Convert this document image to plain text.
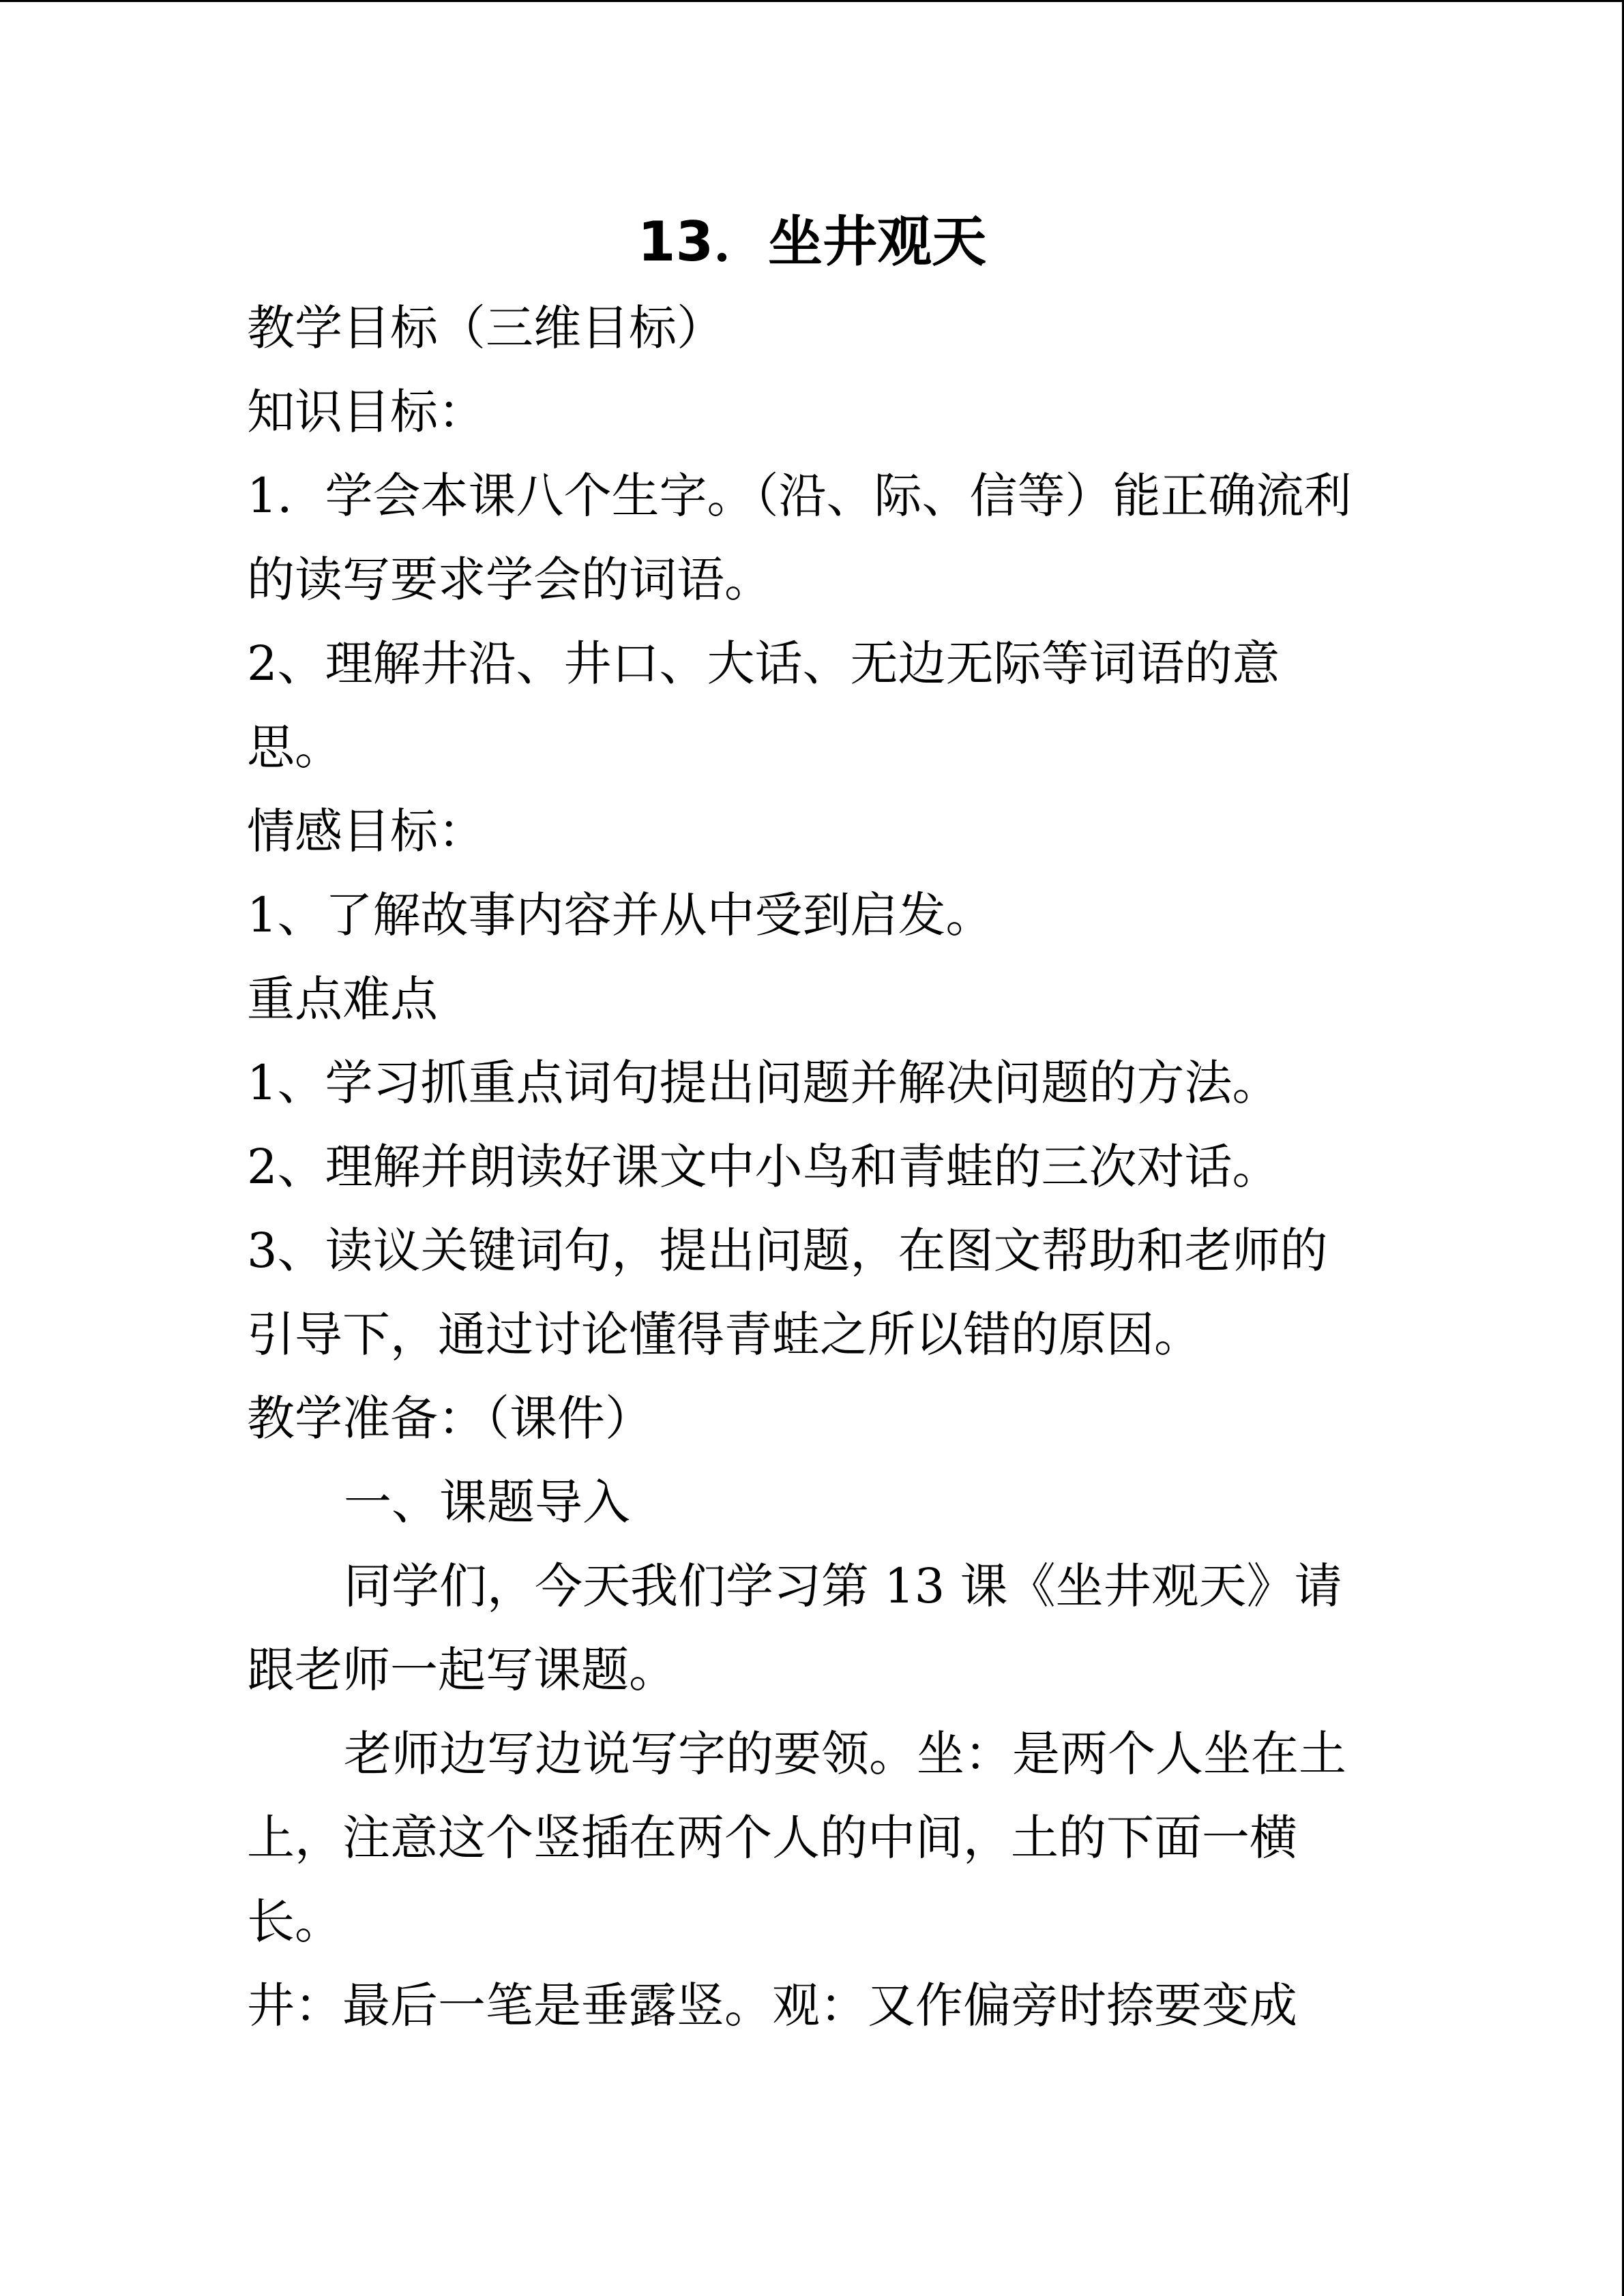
13．坐井观天
教学目标（三维目标）
知识目标：
1．学会本课八个生字。（沿、际、信等）能正确流利
的读写要求学会的词语。
2、理解井沿、井口、大话、无边无际等词语的意
思。
情感目标：
1、了解故事内容并从中受到启发。
重点难点
1、学习抓重点词句提出问题并解决问题的方法。
2、理解并朗读好课文中小鸟和青蛙的三次对话。
3、读议关键词句，提出问题，在图文帮助和老师的
引导下，通过讨论懂得青蛙之所以错的原因。
教学准备：（课件）
一、课题导入
同学们，今天我们学习第 13 课《坐井观天》请
跟老师一起写课题。
老师边写边说写字的要领。坐：是两个人坐在土
上，注意这个竖插在两个人的中间，土的下面一横
长。
井：最后一笔是垂露竖。观：又作偏旁时捺要变成
